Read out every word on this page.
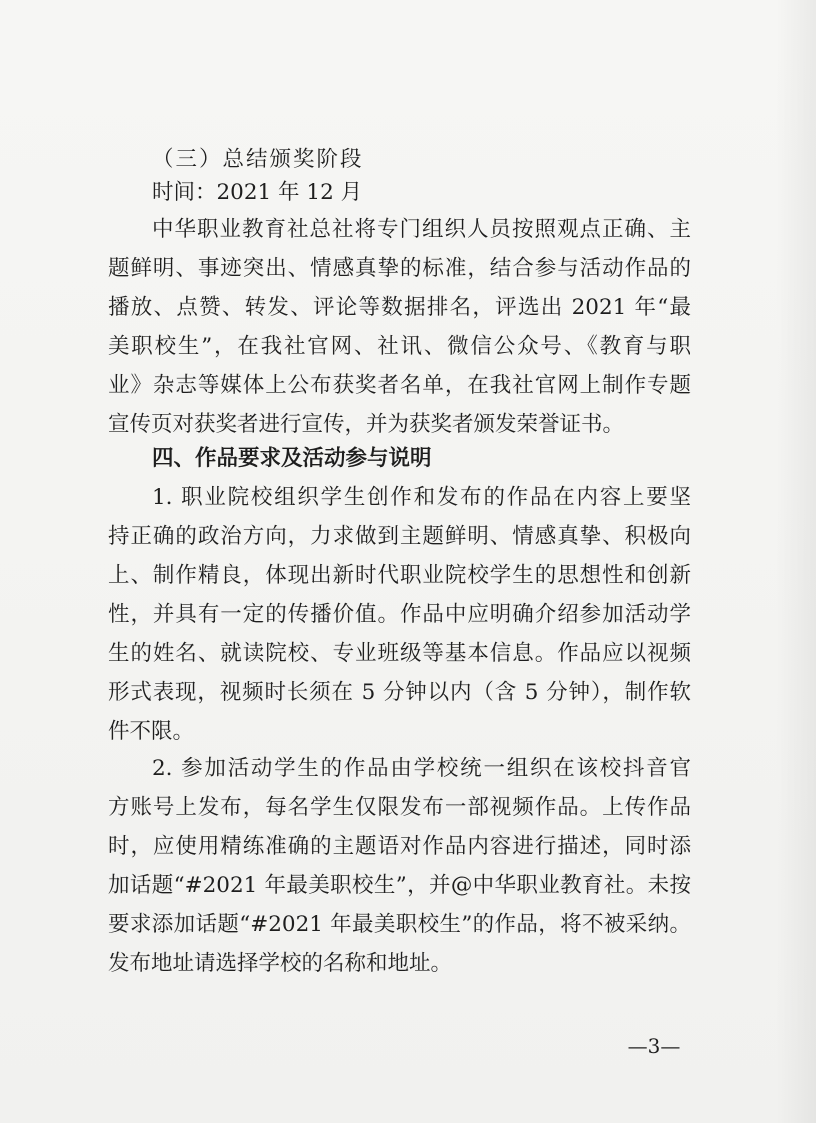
（三）总结颁奖阶段
时间：2021 年 12 月
中华职业教育社总社将专门组织人员按照观点正确、主
题鲜明、事迹突出、情感真挚的标准，结合参与活动作品的
播放、点赞、转发、评论等数据排名，评选出 2021 年“最
美职校生”，在我社官网、社讯、微信公众号、《教育与职
业》杂志等媒体上公布获奖者名单，在我社官网上制作专题
宣传页对获奖者进行宣传，并为获奖者颁发荣誉证书。
四、作品要求及活动参与说明
1. 职业院校组织学生创作和发布的作品在内容上要坚
持正确的政治方向，力求做到主题鲜明、情感真挚、积极向
上、制作精良，体现出新时代职业院校学生的思想性和创新
性，并具有一定的传播价值。作品中应明确介绍参加活动学
生的姓名、就读院校、专业班级等基本信息。作品应以视频
形式表现，视频时长须在 5 分钟以内（含 5 分钟），制作软
件不限。
2. 参加活动学生的作品由学校统一组织在该校抖音官
方账号上发布，每名学生仅限发布一部视频作品。上传作品
时，应使用精练准确的主题语对作品内容进行描述，同时添
加话题“#2021 年最美职校生”，并@中华职业教育社。未按
要求添加话题“#2021 年最美职校生”的作品，将不被采纳。
发布地址请选择学校的名称和地址。
—3—
